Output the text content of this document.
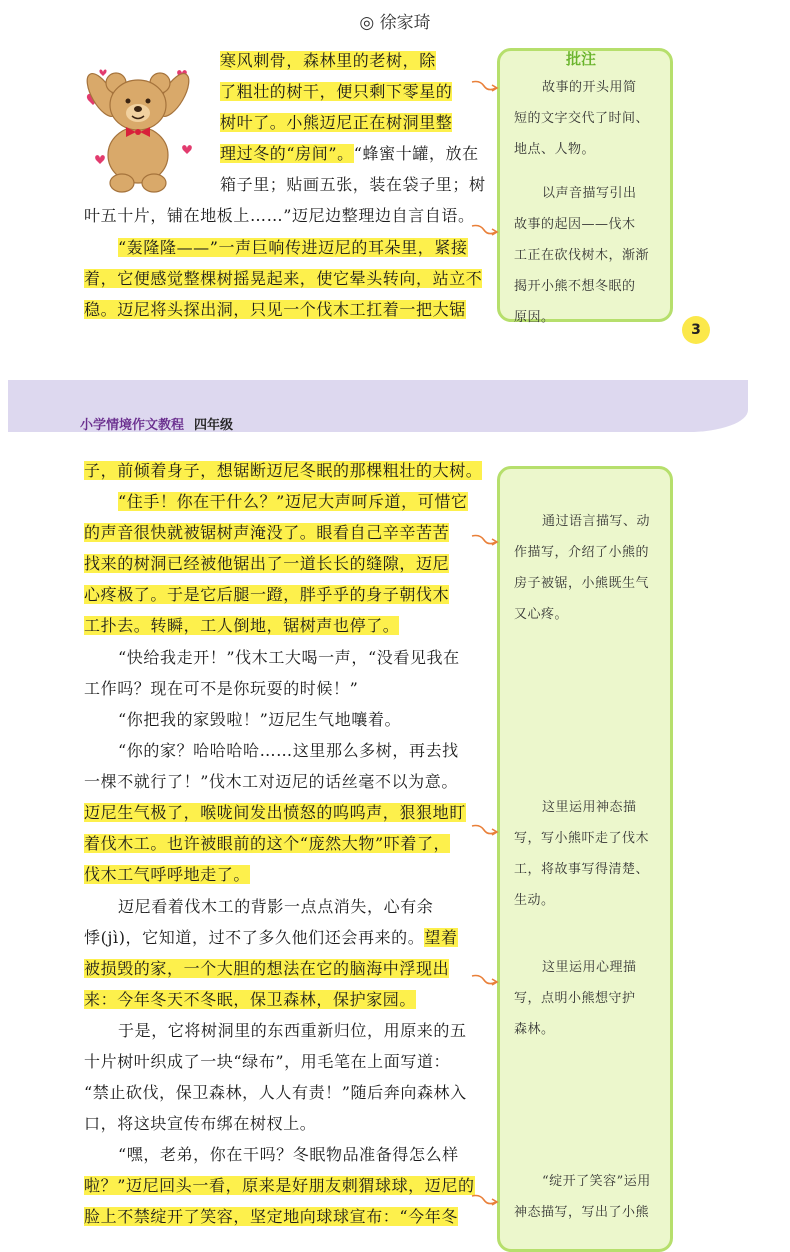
◎ 徐家琦
寒风刺骨，森林里的老树，除
了粗壮的树干，便只剩下零星的
树叶了。小熊迈尼正在树洞里整
理过冬的“房间”。“蜂蜜十罐，放在
箱子里；贴画五张，装在袋子里；树
叶五十片，铺在地板上……”迈尼边整理边自言自语。
“轰隆隆——”一声巨响传进迈尼的耳朵里，紧接
着，它便感觉整棵树摇晃起来，使它晕头转向，站立不
稳。迈尼将头探出洞，只见一个伐木工扛着一把大锯
批注
故事的开头用简
短的文字交代了时间、
地点、人物。
以声音描写引出
故事的起因——伐木
工正在砍伐树木，渐渐
揭开小熊不想冬眠的
原因。
3
小学情境作文教程 四年级
子，前倾着身子，想锯断迈尼冬眠的那棵粗壮的大树。
“住手！你在干什么？”迈尼大声呵斥道，可惜它
的声音很快就被锯树声淹没了。眼看自己辛辛苦苦
找来的树洞已经被他锯出了一道长长的缝隙，迈尼
心疼极了。于是它后腿一蹬，胖乎乎的身子朝伐木
工扑去。转瞬，工人倒地，锯树声也停了。
“快给我走开！”伐木工大喝一声，“没看见我在
工作吗？现在可不是你玩耍的时候！”
“你把我的家毁啦！”迈尼生气地嚷着。
“你的家？哈哈哈哈……这里那么多树，再去找
一棵不就行了！”伐木工对迈尼的话丝毫不以为意。
迈尼生气极了，喉咙间发出愤怒的呜呜声，狠狠地盯
着伐木工。也许被眼前的这个“庞然大物”吓着了，
伐木工气呼呼地走了。
迈尼看着伐木工的背影一点点消失，心有余
悸(jì)，它知道，过不了多久他们还会再来的。望着
被损毁的家，一个大胆的想法在它的脑海中浮现出
来：今年冬天不冬眠，保卫森林，保护家园。
于是，它将树洞里的东西重新归位，用原来的五
十片树叶织成了一块“绿布”，用毛笔在上面写道：
“禁止砍伐，保卫森林，人人有责！”随后奔向森林入
口，将这块宣传布绑在树杈上。
“嘿，老弟，你在干吗？冬眠物品准备得怎么样
啦？”迈尼回头一看，原来是好朋友刺猬球球，迈尼的
脸上不禁绽开了笑容，坚定地向球球宣布：“今年冬
通过语言描写、动
作描写，介绍了小熊的
房子被锯，小熊既生气
又心疼。
这里运用神态描
写，写小熊吓走了伐木
工，将故事写得清楚、
生动。
这里运用心理描
写，点明小熊想守护
森林。
“绽开了笑容”运用
神态描写，写出了小熊
